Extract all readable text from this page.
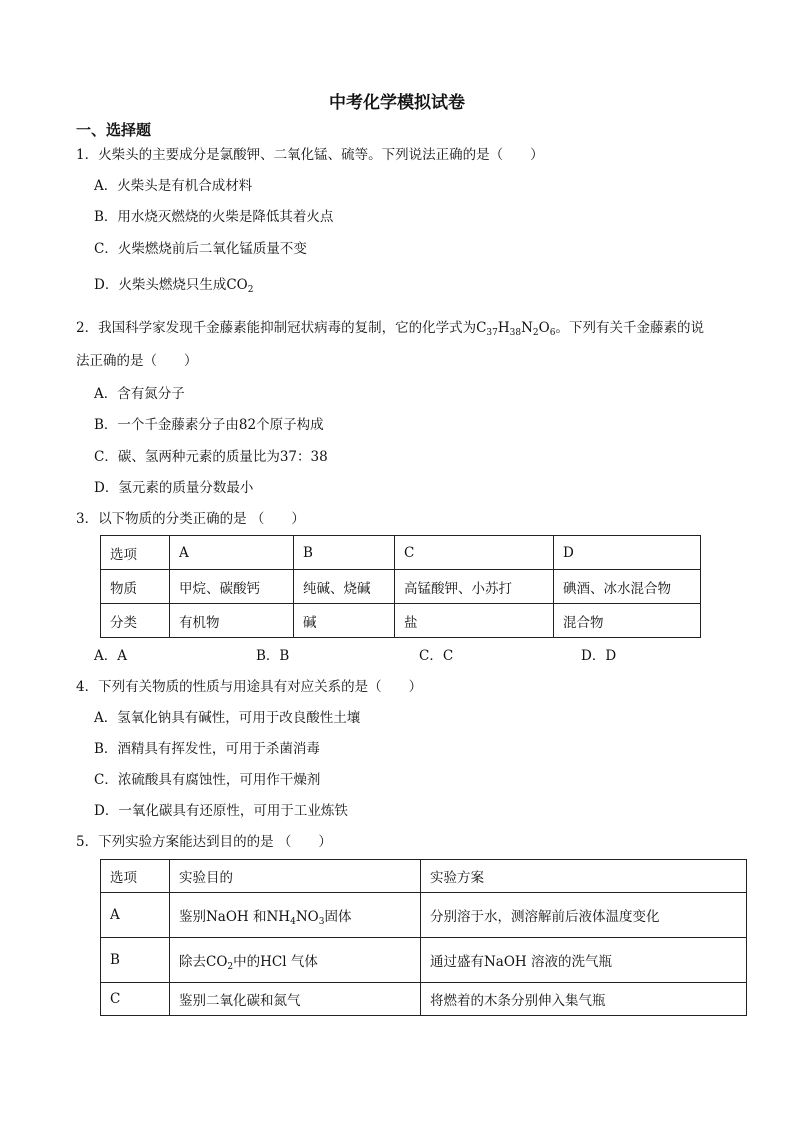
中考化学模拟试卷
一、选择题
1．火柴头的主要成分是氯酸钾、二氧化锰、硫等。下列说法正确的是（　　）
A．火柴头是有机合成材料
B．用水烧灭燃烧的火柴是降低其着火点
C．火柴燃烧前后二氧化锰质量不变
D．火柴头燃烧只生成$CO_2$
2．我国科学家发现千金藤素能抑制冠状病毒的复制，它的化学式为$C_{37}H_{38}N_2O_6$。下列有关千金藤素的说
法正确的是（　　）
A．含有氮分子
B．一个千金藤素分子由82个原子构成
C．碳、氢两种元素的质量比为37：38
D．氢元素的质量分数最小
3．以下物质的分类正确的是 （　　）
选项	A	B	C	D
物质	甲烷、碳酸钙	纯碱、烧碱	高锰酸钾、小苏打	碘酒、冰水混合物
分类	有机物	碱	盐	混合物
A．A	B．B	C．C	D．D
4．下列有关物质的性质与用途具有对应关系的是（　　）
A．氢氧化钠具有碱性，可用于改良酸性土壤
B．酒精具有挥发性，可用于杀菌消毒
C．浓硫酸具有腐蚀性，可用作干燥剂
D．一氧化碳具有还原性，可用于工业炼铁
5．下列实验方案能达到目的的是 （　　）
选项	实验目的	实验方案
A	鉴别NaOH 和$NH_4NO_3$固体	分别溶于水，测溶解前后液体温度变化
B	除去$CO_2$中的HCl 气体	通过盛有NaOH 溶液的洗气瓶
C	鉴别二氧化碳和氮气	将燃着的木条分别伸入集气瓶
